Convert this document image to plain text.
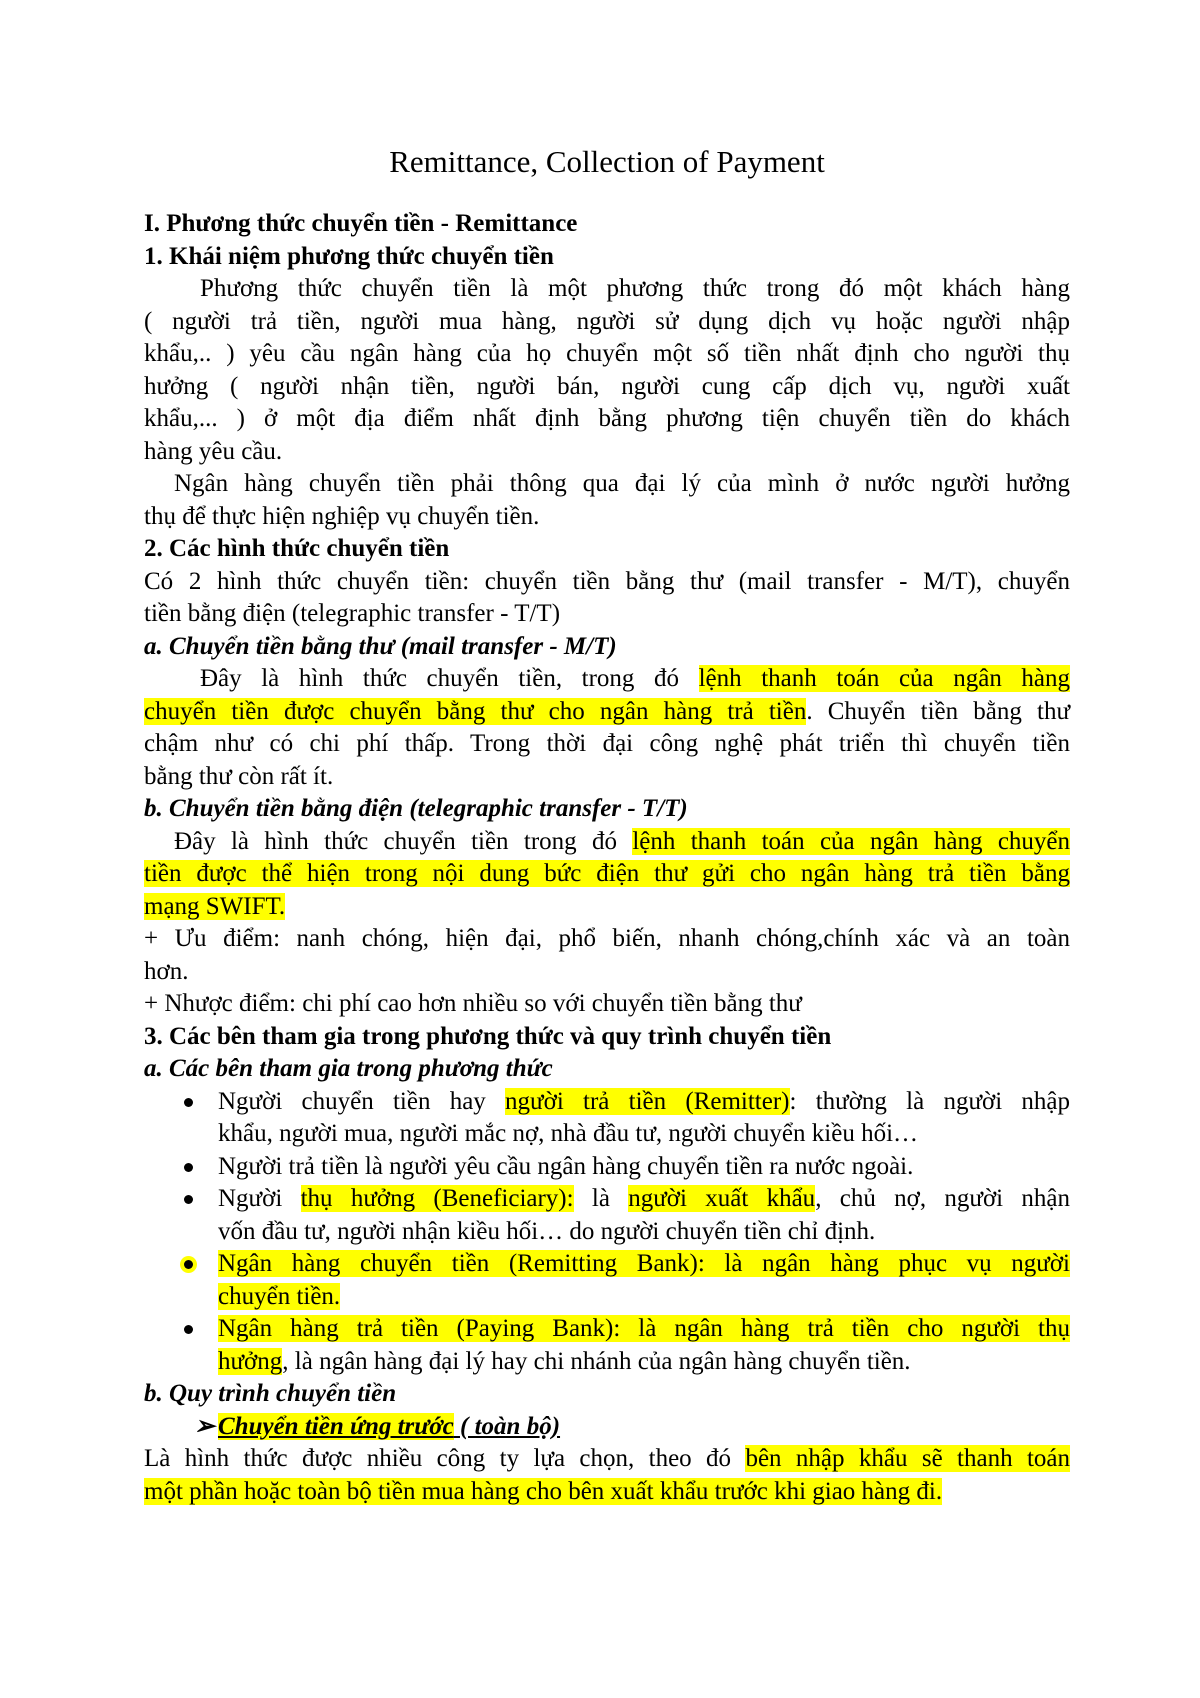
Remittance, Collection of Payment
I. Phương thức chuyển tiền - Remittance
1. Khái niệm phương thức chuyển tiền
Phương thức chuyển tiền là một phương thức trong đó một khách hàng
( người trả tiền, người mua hàng, người sử dụng dịch vụ hoặc người nhập
khẩu,.. ) yêu cầu ngân hàng của họ chuyển một số tiền nhất định cho người thụ
hưởng ( người nhận tiền, người bán, người cung cấp dịch vụ, người xuất
khẩu,... ) ở một địa điểm nhất định bằng phương tiện chuyển tiền do khách
hàng yêu cầu.
Ngân hàng chuyển tiền phải thông qua đại lý của mình ở nước người hưởng
thụ để thực hiện nghiệp vụ chuyển tiền.
2. Các hình thức chuyển tiền
Có 2 hình thức chuyển tiền: chuyển tiền bằng thư (mail transfer - M/T), chuyển
tiền bằng điện (telegraphic transfer - T/T)
a. Chuyển tiền bằng thư (mail transfer - M/T)
Đây là hình thức chuyển tiền, trong đó lệnh thanh toán của ngân hàng
chuyển tiền được chuyển bằng thư cho ngân hàng trả tiền. Chuyển tiền bằng thư
chậm như có chi phí thấp. Trong thời đại công nghệ phát triển thì chuyển tiền
bằng thư còn rất ít.
b. Chuyển tiền bằng điện (telegraphic transfer - T/T)
Đây là hình thức chuyển tiền trong đó lệnh thanh toán của ngân hàng chuyển
tiền được thể hiện trong nội dung bức điện thư gửi cho ngân hàng trả tiền bằng
mạng SWIFT.
+ Ưu điểm: nanh chóng, hiện đại, phổ biến, nhanh chóng,chính xác và an toàn
hơn.
+ Nhược điểm: chi phí cao hơn nhiều so với chuyển tiền bằng thư
3. Các bên tham gia trong phương thức và quy trình chuyển tiền
a. Các bên tham gia trong phương thức
Người chuyển tiền hay người trả tiền (Remitter): thường là người nhập
khẩu, người mua, người mắc nợ, nhà đầu tư, người chuyển kiều hối…
Người trả tiền là người yêu cầu ngân hàng chuyển tiền ra nước ngoài.
Người thụ hưởng (Beneficiary): là người xuất khẩu, chủ nợ, người nhận
vốn đầu tư, người nhận kiều hối… do người chuyển tiền chỉ định.
Ngân hàng chuyển tiền (Remitting Bank): là ngân hàng phục vụ người
chuyển tiền.
Ngân hàng trả tiền (Paying Bank): là ngân hàng trả tiền cho người thụ
hưởng, là ngân hàng đại lý hay chi nhánh của ngân hàng chuyển tiền.
b. Quy trình chuyển tiền
➢ Chuyển tiền ứng trước ( toàn bộ)
Là hình thức được nhiều công ty lựa chọn, theo đó bên nhập khẩu sẽ thanh toán
một phần hoặc toàn bộ tiền mua hàng cho bên xuất khẩu trước khi giao hàng đi.
